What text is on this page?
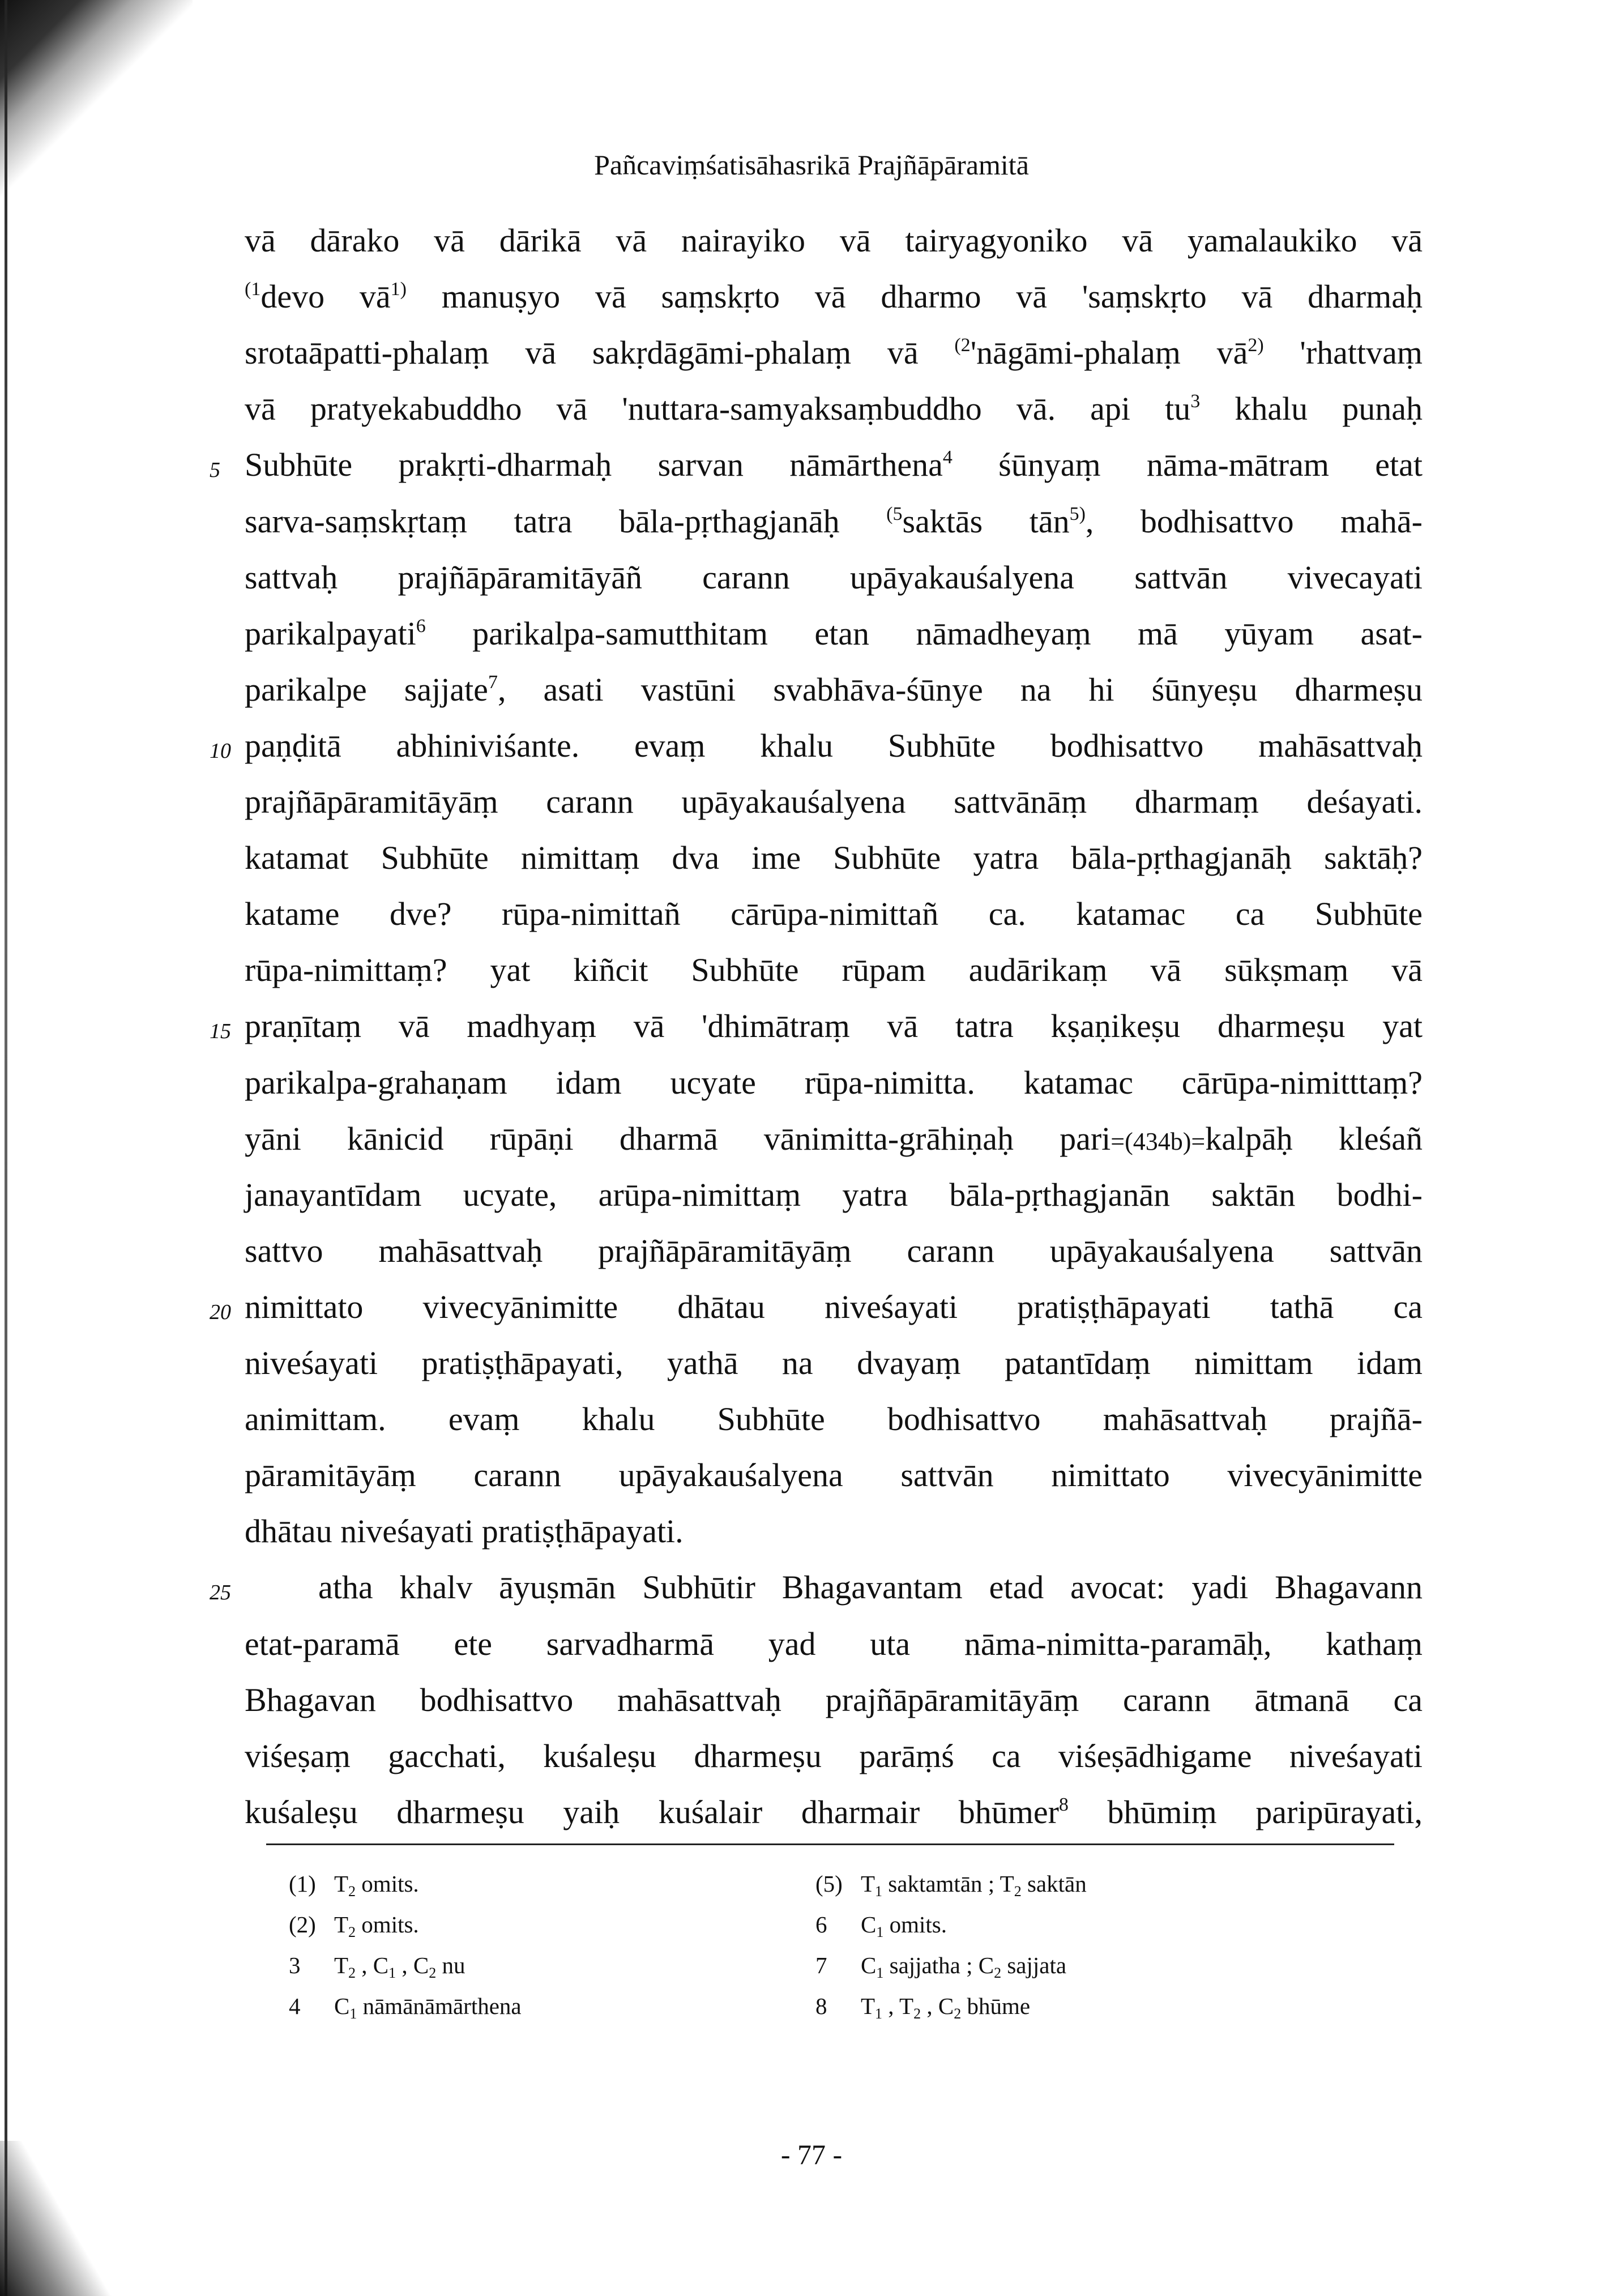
Pañcaviṃśatisāhasrikā Prajñāpāramitā
vā dārako vā dārikā vā nairayiko vā tairyagyoniko vā yamalaukiko vā
$^{(1}$devo $vā^{1)}$ manuṣyo vā saṃskṛto vā dharmo vā 'saṃskṛto vā dharmaḥ
srotaāpatti-phalaṃ vā sakṛdāgāmi-phalaṃ vā $^{(2}$'nāgāmi-phalaṃ $vā^{2)}$ 'rhattvaṃ
vā pratyekabuddho vā 'nuttara-samyaksaṃbuddho vā. api $tu^3$ khalu punaḥ
Subhūte prakṛti-dharmaḥ sarvan nāmārthena$^4$ śūnyaṃ nāma-mātram etat
5
sarva-saṃskṛtaṃ tatra bāla-pṛthagjanāḥ $^{(5}$saktās tān$^{5)}$, bodhisattvo mahā-
sattvaḥ prajñāpāramitāyāñ carann upāyakauśalyena sattvān vivecayati
parikalpayati$^6$ parikalpa-samutthitam etan nāmadheyaṃ mā yūyam asat-
parikalpe sajjate$^7$, asati vastūni svabhāva-śūnye na hi śūnyeṣu dharmeṣu
paṇḍitā abhiniviśante. evaṃ khalu Subhūte bodhisattvo mahāsattvaḥ
10
prajñāpāramitāyāṃ carann upāyakauśalyena sattvānāṃ dharmaṃ deśayati.
katamat Subhūte nimittaṃ dva ime Subhūte yatra bāla-pṛthagjanāḥ saktāḥ?
katame dve? rūpa-nimittañ cārūpa-nimittañ ca. katamac ca Subhūte
rūpa-nimittaṃ? yat kiñcit Subhūte rūpam audārikaṃ vā sūkṣmaṃ vā
praṇītaṃ vā madhyaṃ vā 'dhimātraṃ vā tatra kṣaṇikeṣu dharmeṣu yat
15
parikalpa-grahaṇam idam ucyate rūpa-nimitta. katamac cārūpa-nimitttaṃ?
yāni kānicid rūpāṇi dharmā vānimitta-grāhiṇaḥ pari=(434b)=kalpāḥ kleśañ
janayantīdam ucyate, arūpa-nimittaṃ yatra bāla-pṛthagjanān saktān bodhi-
sattvo mahāsattvaḥ prajñāpāramitāyāṃ carann upāyakauśalyena sattvān
nimittato vivecyānimitte dhātau niveśayati pratiṣṭhāpayati tathā ca
20
niveśayati pratiṣṭhāpayati, yathā na dvayaṃ patantīdaṃ nimittam idam
animittam. evaṃ khalu Subhūte bodhisattvo mahāsattvaḥ prajñā-
pāramitāyāṃ carann upāyakauśalyena sattvān nimittato vivecyānimitte
dhātau niveśayati pratiṣṭhāpayati.
atha khalv āyuṣmān Subhūtir Bhagavantam etad avocat: yadi Bhagavann
25
etat-paramā ete sarvadharmā yad uta nāma-nimitta-paramāḥ, kathaṃ
Bhagavan bodhisattvo mahāsattvaḥ prajñāpāramitāyāṃ carann ātmanā ca
viśeṣaṃ gacchati, kuśaleṣu dharmeṣu parāṃś ca viśeṣādhigame niveśayati
kuśaleṣu dharmeṣu yaiḥ kuśalair dharmair bhūmer$^8$ bhūmiṃ paripūrayati,
(1) $T_2$ omits.
(2) $T_2$ omits.
3 $T_2$ , $C_1$ , $C_2$ nu
4 $C_1$ nāmānāmārthena
(5) $T_1$ saktamtān ; $T_2$ saktān
6 $C_1$ omits.
7 $C_1$ sajjatha ; $C_2$ sajjata
8 $T_1$ , $T_2$ , $C_2$ bhūme
- 77 -
